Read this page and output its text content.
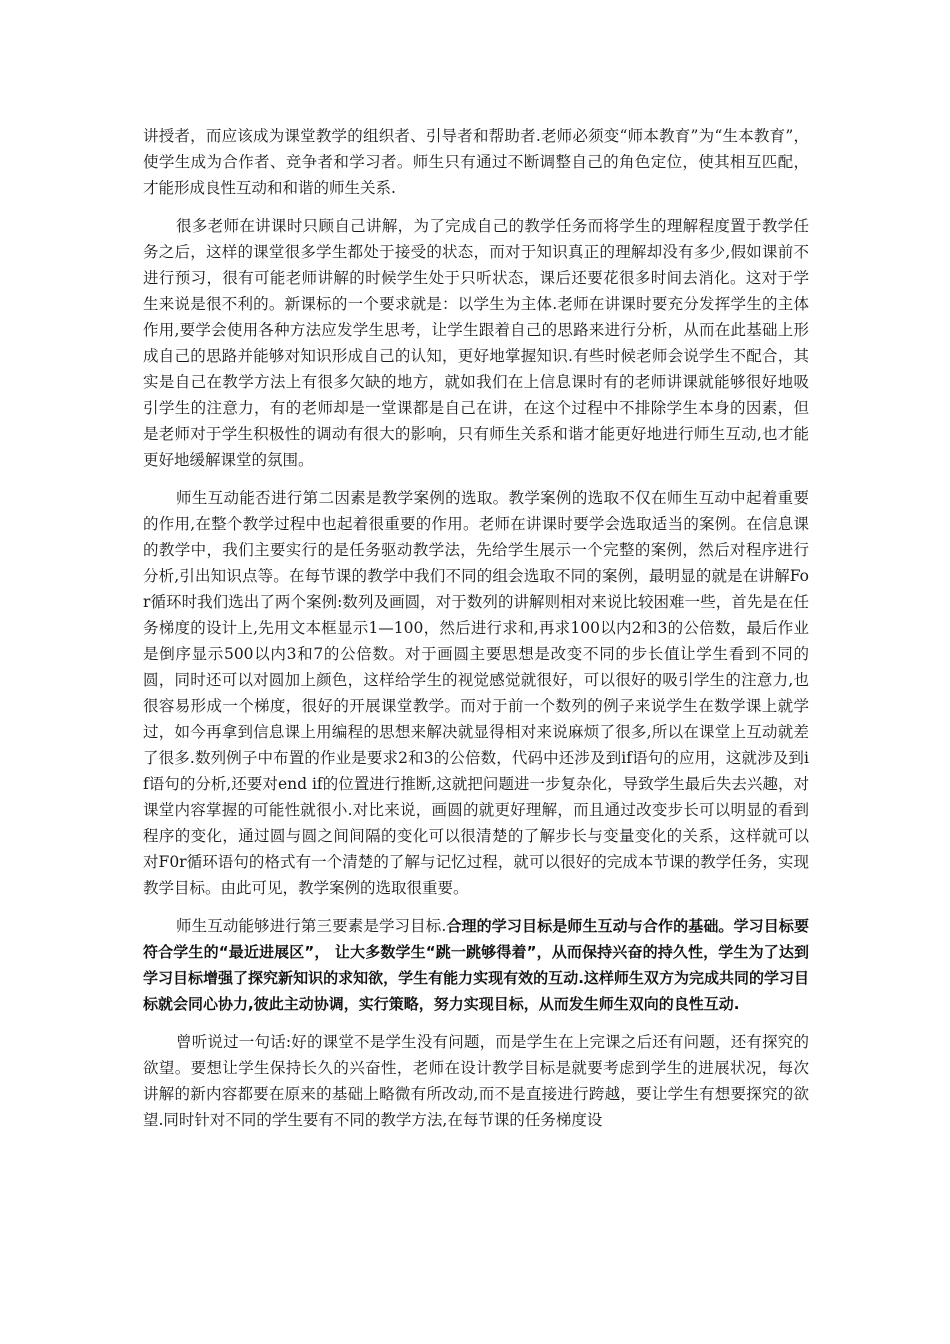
讲授者，而应该成为课堂教学的组织者、引导者和帮助者.老师必须变“师本教育”为“生本教育”，使学生成为合作者、竞争者和学习者。师生只有通过不断调整自己的角色定位，使其相互匹配，才能形成良性互动和和谐的师生关系.

很多老师在讲课时只顾自己讲解，为了完成自己的教学任务而将学生的理解程度置于教学任务之后，这样的课堂很多学生都处于接受的状态，而对于知识真正的理解却没有多少,假如课前不进行预习，很有可能老师讲解的时候学生处于只听状态，课后还要花很多时间去消化。这对于学生来说是很不利的。新课标的一个要求就是：以学生为主体.老师在讲课时要充分发挥学生的主体作用,要学会使用各种方法应发学生思考，让学生跟着自己的思路来进行分析，从而在此基础上形成自己的思路并能够对知识形成自己的认知，更好地掌握知识.有些时候老师会说学生不配合，其实是自己在教学方法上有很多欠缺的地方，就如我们在上信息课时有的老师讲课就能够很好地吸引学生的注意力，有的老师却是一堂课都是自己在讲，在这个过程中不排除学生本身的因素，但是老师对于学生积极性的调动有很大的影响，只有师生关系和谐才能更好地进行师生互动,也才能更好地缓解课堂的氛围。

师生互动能否进行第二因素是教学案例的选取。教学案例的选取不仅在师生互动中起着重要的作用,在整个教学过程中也起着很重要的作用。老师在讲课时要学会选取适当的案例。在信息课的教学中，我们主要实行的是任务驱动教学法，先给学生展示一个完整的案例，然后对程序进行分析,引出知识点等。在每节课的教学中我们不同的组会选取不同的案例，最明显的就是在讲解For循环时我们选出了两个案例:数列及画圆，对于数列的讲解则相对来说比较困难一些，首先是在任务梯度的设计上,先用文本框显示1—100，然后进行求和,再求100以内2和3的公倍数，最后作业是倒序显示500以内3和7的公倍数。对于画圆主要思想是改变不同的步长值让学生看到不同的圆，同时还可以对圆加上颜色，这样给学生的视觉感觉就很好，可以很好的吸引学生的注意力,也很容易形成一个梯度，很好的开展课堂教学。而对于前一个数列的例子来说学生在数学课上就学过，如今再拿到信息课上用编程的思想来解决就显得相对来说麻烦了很多,所以在课堂上互动就差了很多.数列例子中布置的作业是要求2和3的公倍数，代码中还涉及到if语句的应用，这就涉及到if语句的分析,还要对end if的位置进行推断,这就把问题进一步复杂化，导致学生最后失去兴趣，对课堂内容掌握的可能性就很小.对比来说，画圆的就更好理解，而且通过改变步长可以明显的看到程序的变化，通过圆与圆之间间隔的变化可以很清楚的了解步长与变量变化的关系，这样就可以对F0r循环语句的格式有一个清楚的了解与记忆过程，就可以很好的完成本节课的教学任务，实现教学目标。由此可见，教学案例的选取很重要。

师生互动能够进行第三要素是学习目标.合理的学习目标是师生互动与合作的基础。学习目标要符合学生的“最近进展区”， 让大多数学生“跳一跳够得着”，从而保持兴奋的持久性，学生为了达到学习目标增强了探究新知识的求知欲，学生有能力实现有效的互动.这样师生双方为完成共同的学习目标就会同心协力,彼此主动协调，实行策略，努力实现目标，从而发生师生双向的良性互动.

曾听说过一句话:好的课堂不是学生没有问题，而是学生在上完课之后还有问题，还有探究的欲望。要想让学生保持长久的兴奋性，老师在设计教学目标是就要考虑到学生的进展状况，每次讲解的新内容都要在原来的基础上略微有所改动,而不是直接进行跨越，要让学生有想要探究的欲望.同时针对不同的学生要有不同的教学方法,在每节课的任务梯度设
